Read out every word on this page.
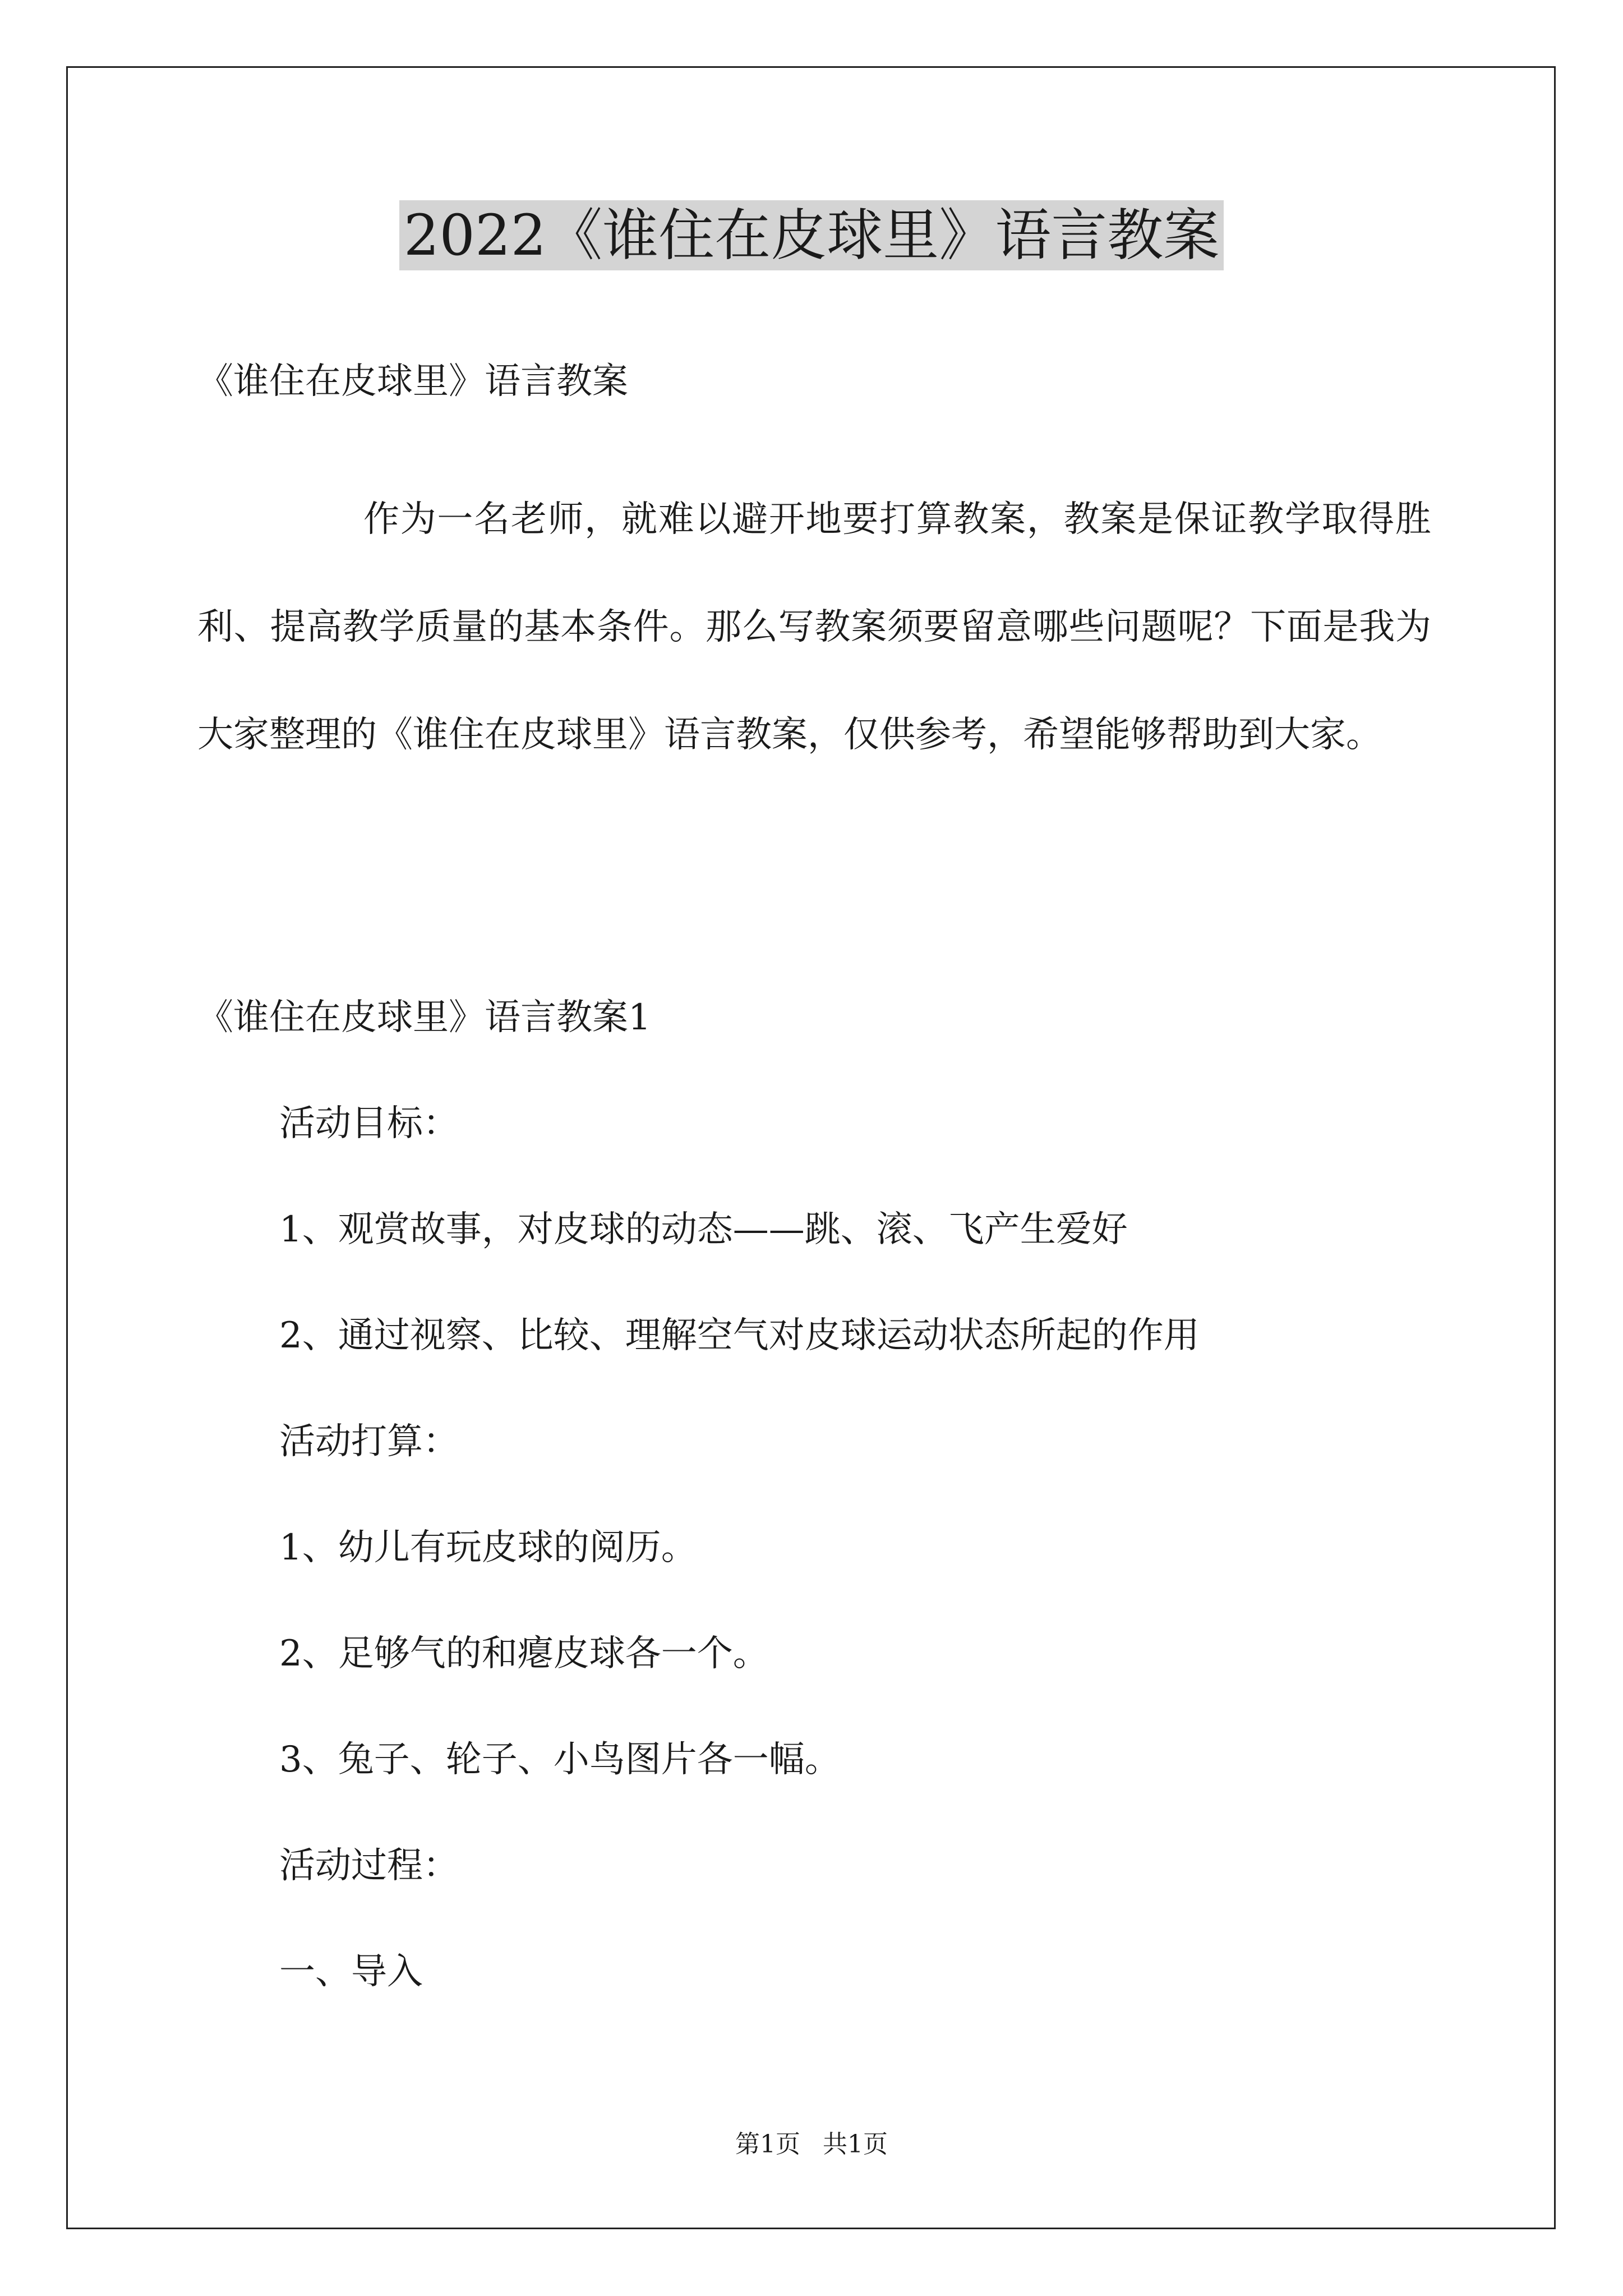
2022《谁住在皮球里》语言教案

《谁住在皮球里》语言教案

作为一名老师，就难以避开地要打算教案，教案是保证教学取得胜利、提高教学质量的基本条件。那么写教案须要留意哪些问题呢？下面是我为大家整理的《谁住在皮球里》语言教案，仅供参考，希望能够帮助到大家。

《谁住在皮球里》语言教案1

活动目标：

1、观赏故事，对皮球的动态——跳、滚、飞产生爱好

2、通过视察、比较、理解空气对皮球运动状态所起的作用

活动打算：

1、幼儿有玩皮球的阅历。

2、足够气的和瘪皮球各一个。

3、兔子、轮子、小鸟图片各一幅。

活动过程：

一、导入

第1页 共1页
